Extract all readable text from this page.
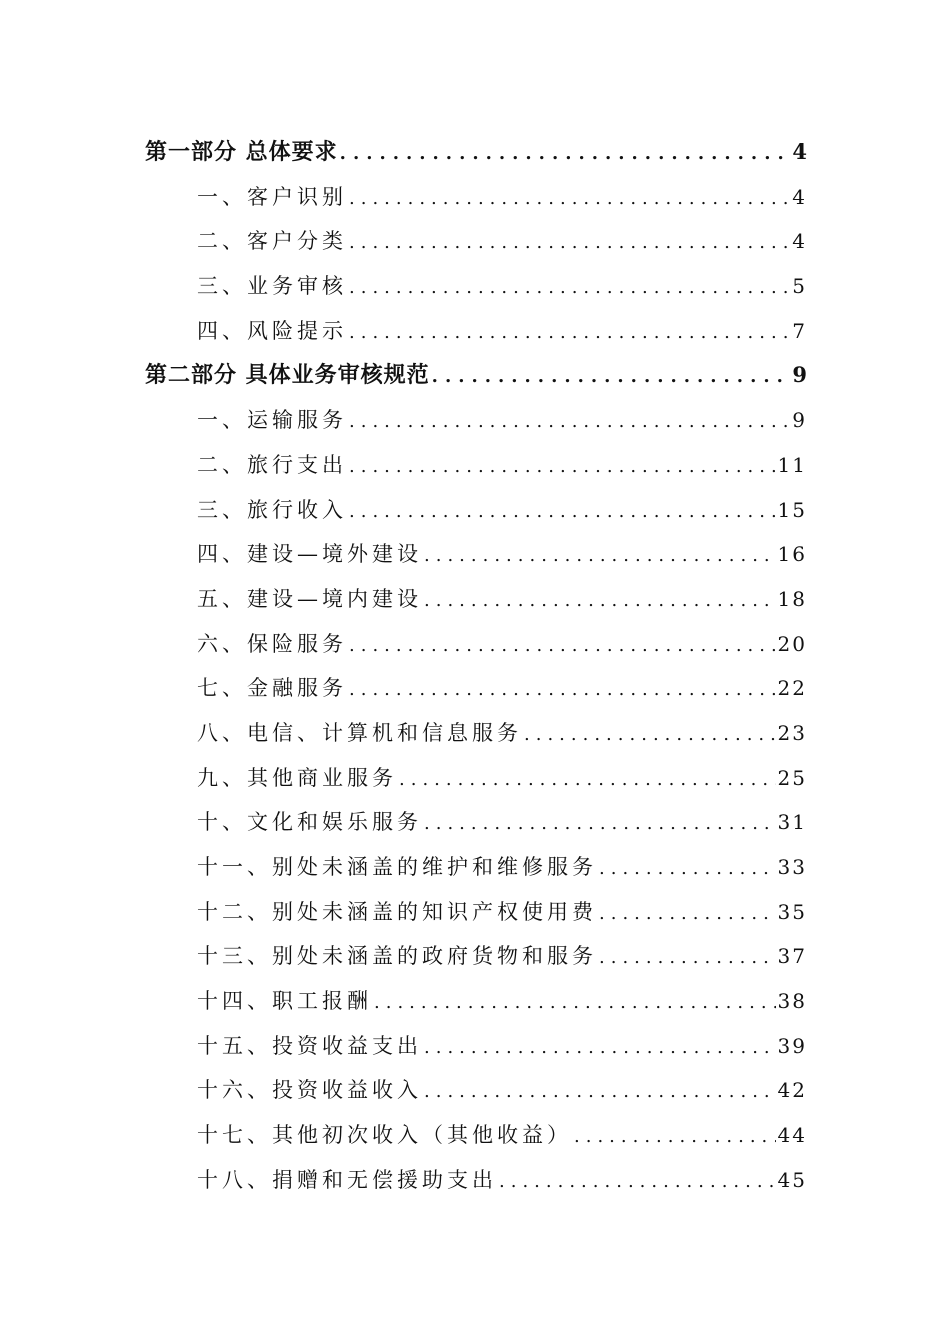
第一部分 总体要求 .....	4
一、客户识别 .....	4
二、客户分类 .....	4
三、业务审核 .....	5
四、风险提示 .....	7
第二部分 具体业务审核规范 .....	9
一、运输服务 .....	9
二、旅行支出 .....	11
三、旅行收入 .....	15
四、建设—境外建设 .....	16
五、建设—境内建设 .....	18
六、保险服务 .....	20
七、金融服务 .....	22
八、电信、计算机和信息服务 .....	23
九、其他商业服务 .....	25
十、文化和娱乐服务 .....	31
十一、别处未涵盖的维护和维修服务 .....	33
十二、别处未涵盖的知识产权使用费 .....	35
十三、别处未涵盖的政府货物和服务 .....	37
十四、职工报酬 .....	38
十五、投资收益支出 .....	39
十六、投资收益收入 .....	42
十七、其他初次收入（其他收益） .....	44
十八、捐赠和无偿援助支出 .....	45
